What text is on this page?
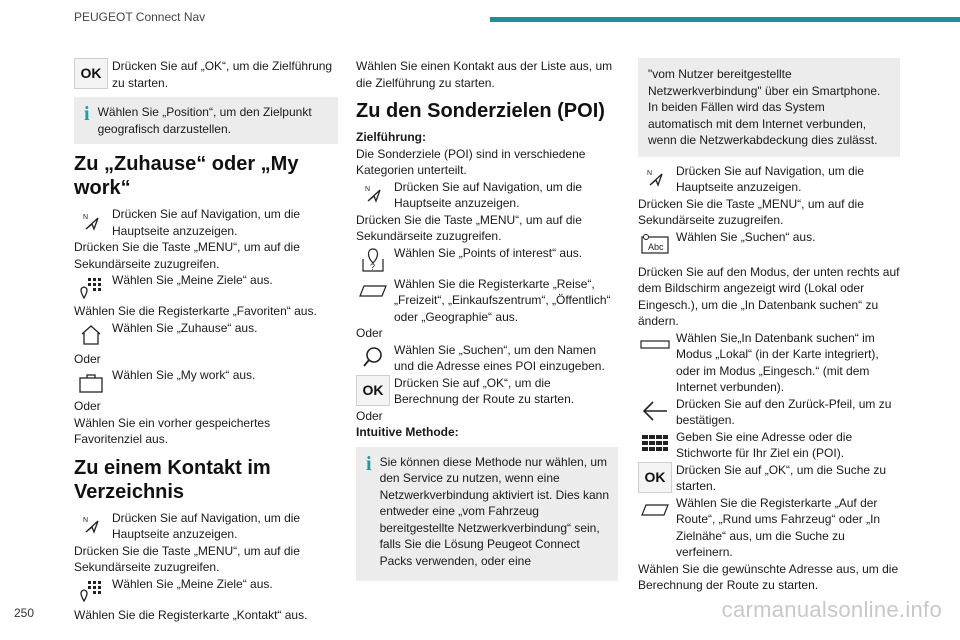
PEUGEOT Connect Nav
OK Drücken Sie auf „OK“, um die Zielführung zu starten.
i Wählen Sie „Position“, um den Zielpunkt geografisch darzustellen.
Zu „Zuhause“ oder „My work“
N Drücken Sie auf Navigation, um die Hauptseite anzuzeigen.
Drücken Sie die Taste „MENU“, um auf die Sekundärseite zuzugreifen.
Wählen Sie „Meine Ziele“ aus.
Wählen Sie die Registerkarte „Favoriten“ aus.
Wählen Sie „Zuhause“ aus.
Oder
Wählen Sie „My work“ aus.
Oder
Wählen Sie ein vorher gespeichertes Favoritenziel aus.
Zu einem Kontakt im Verzeichnis
N Drücken Sie auf Navigation, um die Hauptseite anzuzeigen.
Drücken Sie die Taste „MENU“, um auf die Sekundärseite zuzugreifen.
Wählen Sie „Meine Ziele“ aus.
Wählen Sie die Registerkarte „Kontakt“ aus.
Wählen Sie einen Kontakt aus der Liste aus, um die Zielführung zu starten.
Zu den Sonderzielen (POI)
Zielführung:
Die Sonderziele (POI) sind in verschiedene Kategorien unterteilt.
N Drücken Sie auf Navigation, um die Hauptseite anzuzeigen.
Drücken Sie die Taste „MENU“, um auf die Sekundärseite zuzugreifen.
?
Wählen Sie „Points of interest“ aus.
Wählen Sie die Registerkarte „Reise“, „Freizeit“, „Einkaufszentrum“, „Öffentlich“ oder „Geographie“ aus.
Oder
Wählen Sie „Suchen“, um den Namen und die Adresse eines POI einzugeben.
OK Drücken Sie auf „OK“, um die Berechnung der Route zu starten.
Oder
Intuitive Methode:
i Sie können diese Methode nur wählen, um den Service zu nutzen, wenn eine Netzwerkverbindung aktiviert ist. Dies kann entweder eine „vom Fahrzeug bereitgestellte Netzwerkverbindung“ sein, falls Sie die Lösung Peugeot Connect Packs verwenden, oder eine
"vom Nutzer bereitgestellte Netzwerkverbindung" über ein Smartphone. In beiden Fällen wird das System automatisch mit dem Internet verbunden, wenn die Netzwerkabdeckung dies zulässt.
N Drücken Sie auf Navigation, um die Hauptseite anzuzeigen.
Drücken Sie die Taste „MENU“, um auf die Sekundärseite zuzugreifen.
Abc
Wählen Sie „Suchen“ aus.
Drücken Sie auf den Modus, der unten rechts auf dem Bildschirm angezeigt wird (Lokal oder Eingesch.), um die „In Datenbank suchen“ zu ändern.
Wählen Sie„In Datenbank suchen“ im Modus „Lokal“ (in der Karte integriert), oder im Modus „Eingesch.“ (mit dem Internet verbunden).
Drücken Sie auf den Zurück-Pfeil, um zu bestätigen.
Geben Sie eine Adresse oder die Stichworte für Ihr Ziel ein (POI).
OK Drücken Sie auf „OK“, um die Suche zu starten.
Wählen Sie die Registerkarte „Auf der Route“, „Rund ums Fahrzeug“ oder „In Zielnähe“ aus, um die Suche zu verfeinern.
Wählen Sie die gewünschte Adresse aus, um die Berechnung der Route zu starten.
250	carmanualsonline.info
